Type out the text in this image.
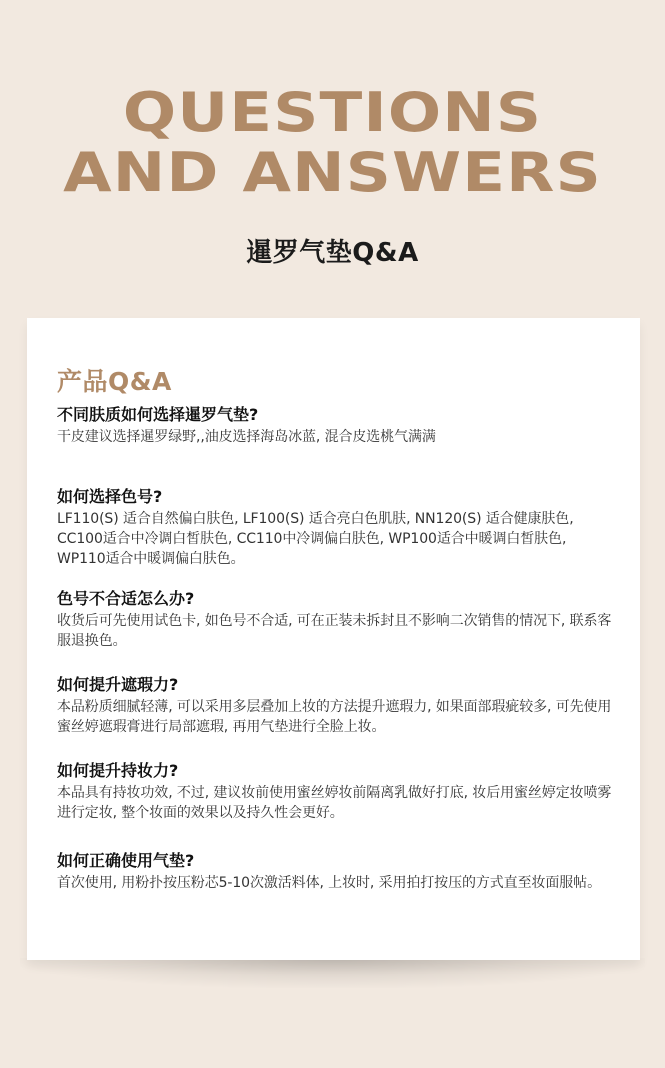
QUESTIONS
AND ANSWERS
暹罗气垫Q&A
产品Q&A
不同肤质如何选择暹罗气垫?
干皮建议选择暹罗绿野,,油皮选择海岛冰蓝, 混合皮选桃气满满
如何选择色号?
LF110(S) 适合自然偏白肤色, LF100(S) 适合亮白色肌肤, NN120(S) 适合健康肤色, CC100适合中冷调白皙肤色, CC110中冷调偏白肤色, WP100适合中暖调白皙肤色, WP110适合中暖调偏白肤色。
色号不合适怎么办?
收货后可先使用试色卡, 如色号不合适, 可在正装未拆封且不影响二次销售的情况下, 联系客服退换色。
如何提升遮瑕力?
本品粉质细腻轻薄, 可以采用多层叠加上妆的方法提升遮瑕力, 如果面部瑕疵较多, 可先使用蜜丝婷遮瑕膏进行局部遮瑕, 再用气垫进行全脸上妆。
如何提升持妆力?
本品具有持妆功效, 不过, 建议妆前使用蜜丝婷妆前隔离乳做好打底, 妆后用蜜丝婷定妆喷雾进行定妆, 整个妆面的效果以及持久性会更好。
如何正确使用气垫?
首次使用, 用粉扑按压粉芯5-10次激活料体, 上妆时, 采用拍打按压的方式直至妆面服帖。
